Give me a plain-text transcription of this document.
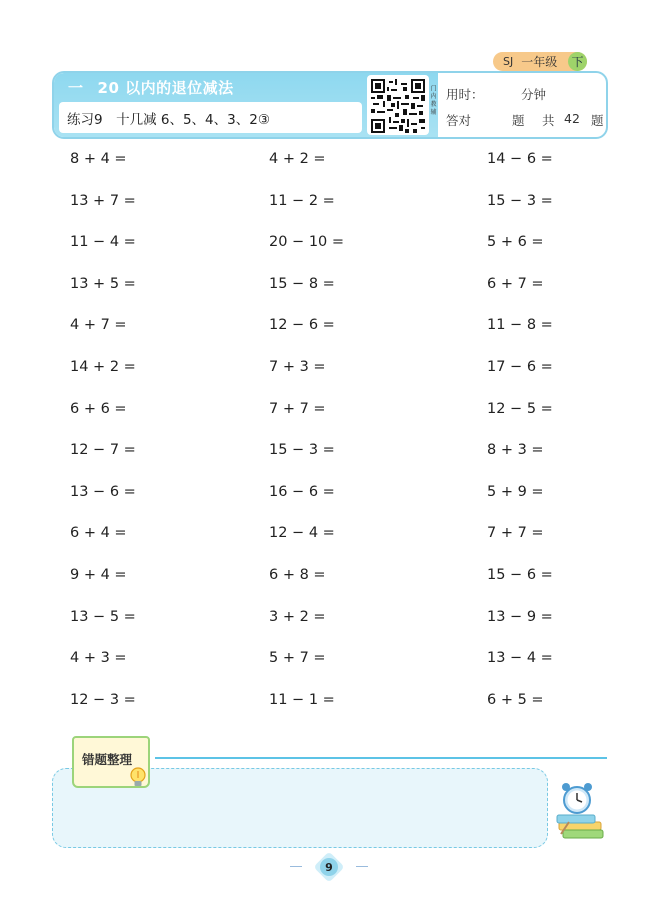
SJ 一年级 下
一 20 以内的退位减法
练习9　十几减 6、5、4、3、2③
门 内 教 辅 用时：	分钟
答对	题 共 42 题
8 + 4 =	4 + 2 =	14 − 6 =
13 + 7 =	11 − 2 =	15 − 3 =
11 − 4 =	20 − 10 =	5 + 6 =
13 + 5 =	15 − 8 =	6 + 7 =
4 + 7 =	12 − 6 =	11 − 8 =
14 + 2 =	7 + 3 =	17 − 6 =
6 + 6 =	7 + 7 =	12 − 5 =
12 − 7 =	15 − 3 =	8 + 3 =
13 − 6 =	16 − 6 =	5 + 9 =
6 + 4 =	12 − 4 =	7 + 7 =
9 + 4 =	6 + 8 =	15 − 6 =
13 − 5 =	3 + 2 =	13 − 9 =
4 + 3 =	5 + 7 =	13 − 4 =
12 − 3 =	11 − 1 =	6 + 5 =
错题整理
9
